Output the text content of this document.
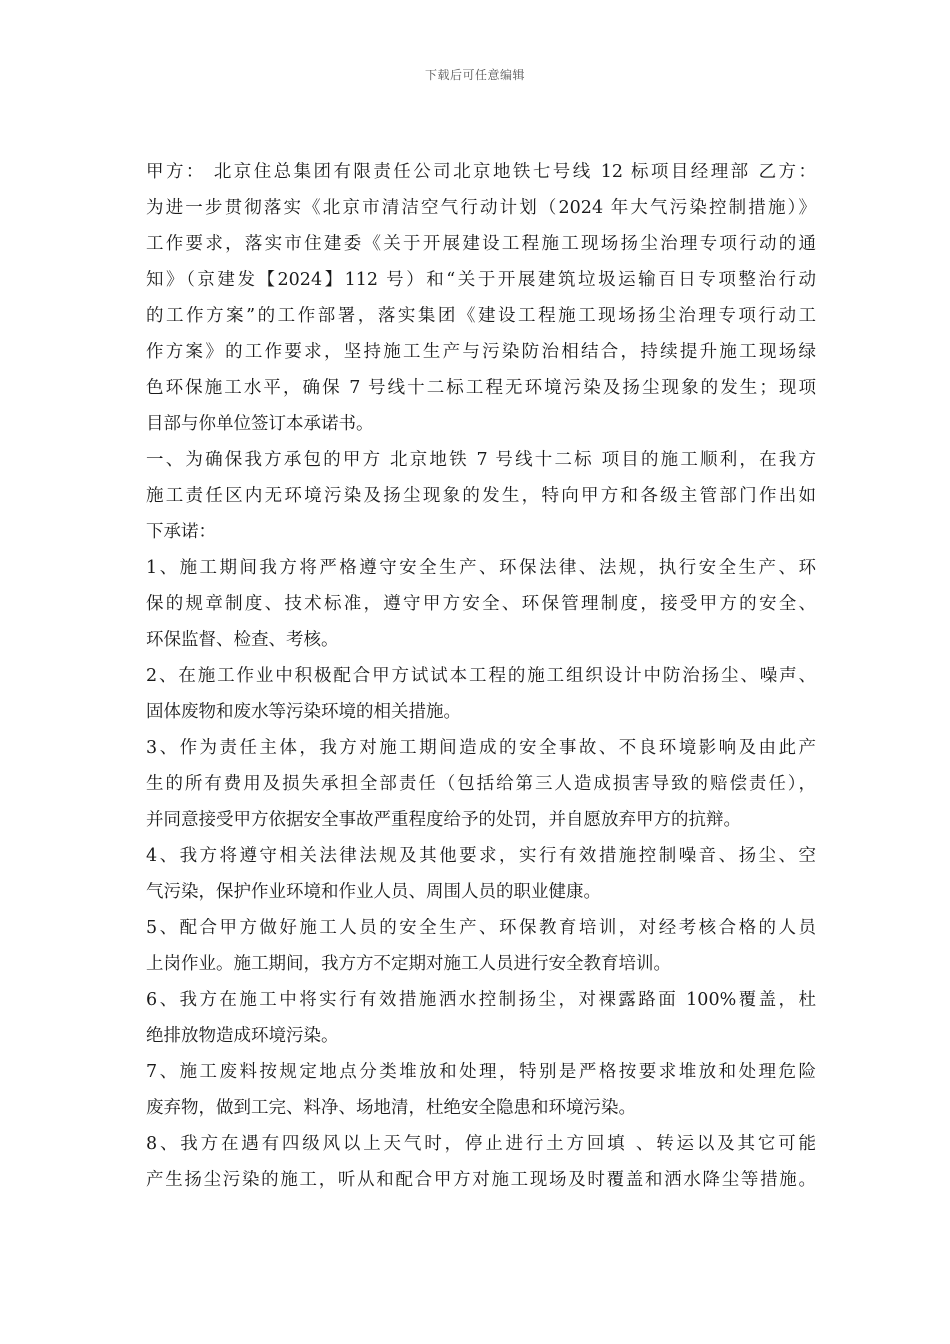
下载后可任意编辑
甲方： 北京住总集团有限责任公司北京地铁七号线 12 标项目经理部 乙方：
为进一步贯彻落实《北京市清洁空气行动计划（2024 年大气污染控制措施）》
工作要求，落实市住建委《关于开展建设工程施工现场扬尘治理专项行动的通
知》（京建发【2024】112 号）和“关于开展建筑垃圾运输百日专项整治行动
的工作方案”的工作部署，落实集团《建设工程施工现场扬尘治理专项行动工
作方案》的工作要求，坚持施工生产与污染防治相结合，持续提升施工现场绿
色环保施工水平，确保 7 号线十二标工程无环境污染及扬尘现象的发生；现项
目部与你单位签订本承诺书。
一、为确保我方承包的甲方 北京地铁 7 号线十二标 项目的施工顺利，在我方
施工责任区内无环境污染及扬尘现象的发生，特向甲方和各级主管部门作出如
下承诺：
1、施工期间我方将严格遵守安全生产、环保法律、法规，执行安全生产、环
保的规章制度、技术标准，遵守甲方安全、环保管理制度，接受甲方的安全、
环保监督、检查、考核。
2、在施工作业中积极配合甲方试试本工程的施工组织设计中防治扬尘、噪声、
固体废物和废水等污染环境的相关措施。
3、作为责任主体，我方对施工期间造成的安全事故、不良环境影响及由此产
生的所有费用及损失承担全部责任（包括给第三人造成损害导致的赔偿责任），
并同意接受甲方依据安全事故严重程度给予的处罚，并自愿放弃甲方的抗辩。
4、我方将遵守相关法律法规及其他要求，实行有效措施控制噪音、扬尘、空
气污染，保护作业环境和作业人员、周围人员的职业健康。
5、配合甲方做好施工人员的安全生产、环保教育培训，对经考核合格的人员
上岗作业。施工期间，我方方不定期对施工人员进行安全教育培训。
6、我方在施工中将实行有效措施洒水控制扬尘，对裸露路面 100%覆盖，杜
绝排放物造成环境污染。
7、施工废料按规定地点分类堆放和处理，特别是严格按要求堆放和处理危险
废弃物，做到工完、料净、场地清，杜绝安全隐患和环境污染。
8、我方在遇有四级风以上天气时，停止进行土方回填 、转运以及其它可能
产生扬尘污染的施工，听从和配合甲方对施工现场及时覆盖和洒水降尘等措施。
